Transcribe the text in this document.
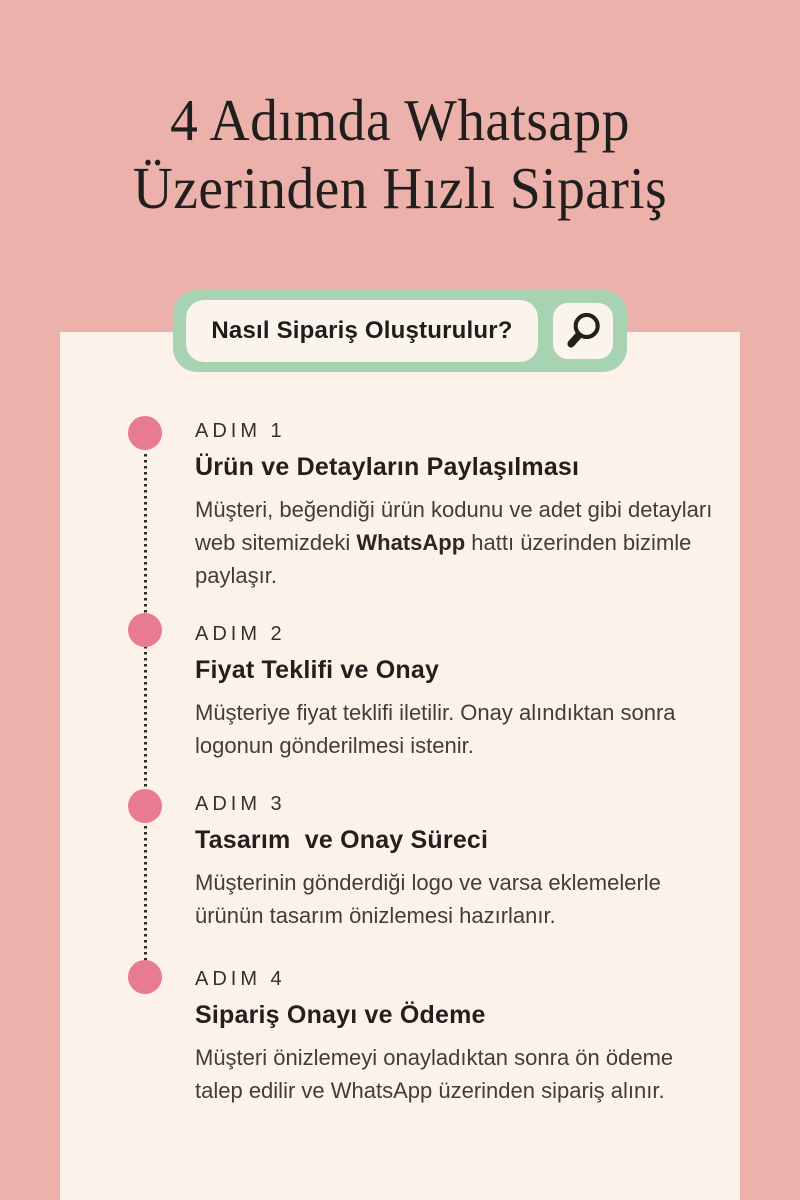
4 Adımda Whatsapp
Üzerinden Hızlı Sipariş
ADIM 1
Ürün ve Detayların Paylaşılması
Müşteri, beğendiği ürün kodunu ve adet gibi detayları web sitemizdeki WhatsApp hattı üzerinden bizimle paylaşır.
ADIM 2
Fiyat Teklifi ve Onay
Müşteriye fiyat teklifi iletilir. Onay alındıktan sonra logonun gönderilmesi istenir.
ADIM 3
Tasarım  ve Onay Süreci
Müşterinin gönderdiği logo ve varsa eklemelerle ürünün tasarım önizlemesi hazırlanır.
ADIM 4
Sipariş Onayı ve Ödeme
Müşteri önizlemeyi onayladıktan sonra ön ödeme talep edilir ve WhatsApp üzerinden sipariş alınır.
Nasıl Sipariş Oluşturulur?
